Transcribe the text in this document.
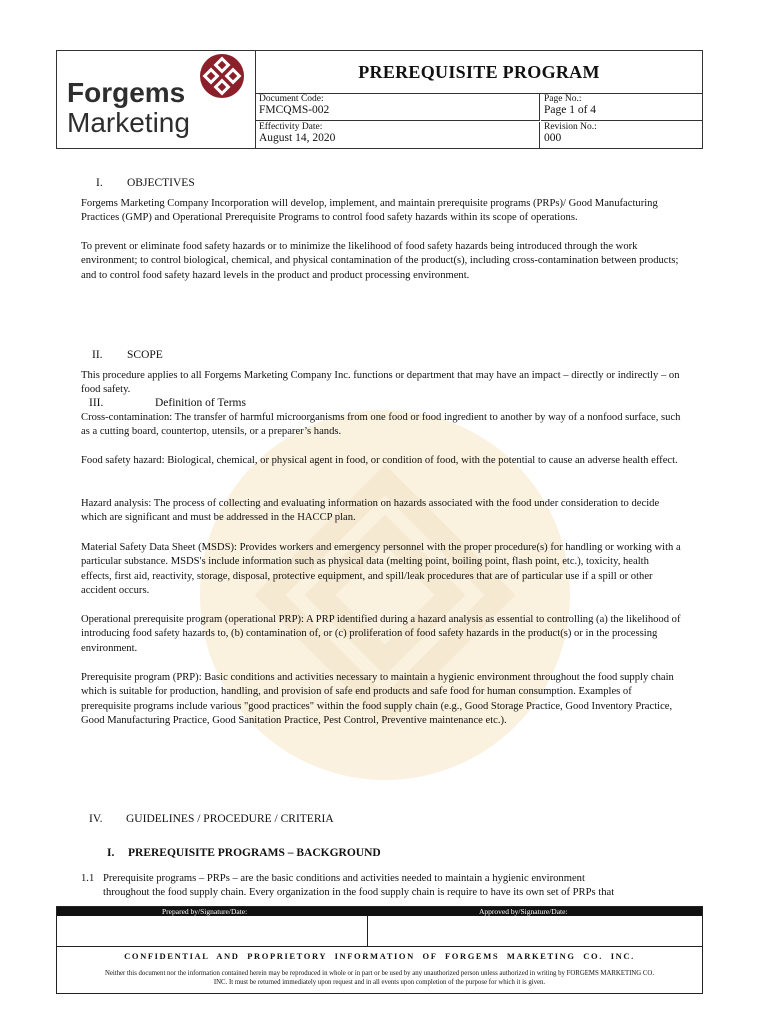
Forgems
Marketing
PREREQUISITE PROGRAM
Document Code:
FMCQMS-002
Page No.:
Page 1 of 4
Effectivity Date:
August 14, 2020
Revision No.:
000
I. OBJECTIVES
Forgems Marketing Company Incorporation will develop, implement, and maintain prerequisite programs (PRPs)/ Good Manufacturing Practices (GMP) and Operational Prerequisite Programs to control food safety hazards within its scope of operations.
To prevent or eliminate food safety hazards or to minimize the likelihood of food safety hazards being introduced through the work environment; to control biological, chemical, and physical contamination of the product(s), including cross-contamination between products; and to control food safety hazard levels in the product and product processing environment.
II. SCOPE
This procedure applies to all Forgems Marketing Company Inc. functions or department that may have an impact – directly or indirectly – on food safety.
III.	Definition of Terms
Cross-contamination: The transfer of harmful microorganisms from one food or food ingredient to another by way of a nonfood surface, such as a cutting board, countertop, utensils, or a preparer’s hands.
Food safety hazard: Biological, chemical, or physical agent in food, or condition of food, with the potential to cause an adverse health effect.
Hazard analysis: The process of collecting and evaluating information on hazards associated with the food under consideration to decide which are significant and must be addressed in the HACCP plan.
Material Safety Data Sheet (MSDS): Provides workers and emergency personnel with the proper procedure(s) for handling or working with a particular substance. MSDS's include information such as physical data (melting point, boiling point, flash point, etc.), toxicity, health effects, first aid, reactivity, storage, disposal, protective equipment, and spill/leak procedures that are of particular use if a spill or other accident occurs.
Operational prerequisite program (operational PRP): A PRP identified during a hazard analysis as essential to controlling (a) the likelihood of introducing food safety hazards to, (b) contamination of, or (c) proliferation of food safety hazards in the product(s) or in the processing environment.
Prerequisite program (PRP): Basic conditions and activities necessary to maintain a hygienic environment throughout the food supply chain which is suitable for production, handling, and provision of safe end products and safe food for human consumption. Examples of prerequisite programs include various "good practices" within the food supply chain (e.g., Good Storage Practice, Good Inventory Practice, Good Manufacturing Practice, Good Sanitation Practice, Pest Control, Preventive maintenance etc.).
IV. GUIDELINES / PROCEDURE / CRITERIA
I. PREREQUISITE PROGRAMS – BACKGROUND
1.1 Prerequisite programs – PRPs – are the basic conditions and activities needed to maintain a hygienic environment
throughout the food supply chain. Every organization in the food supply chain is require to have its own set of PRPs that
Prepared by/Signature/Date:	Approved by/Signature/Date:
CONFIDENTIAL AND PROPRIETORY INFORMATION OF FORGEMS MARKETING CO. INC.
Neither this document nor the information contained herein may be reproduced in whole or in part or be used by any unauthorized person unless authorized in writing by FORGEMS MARKETING CO.
INC. It must be returned immediately upon request and in all events upon completion of the purpose for which it is given.
